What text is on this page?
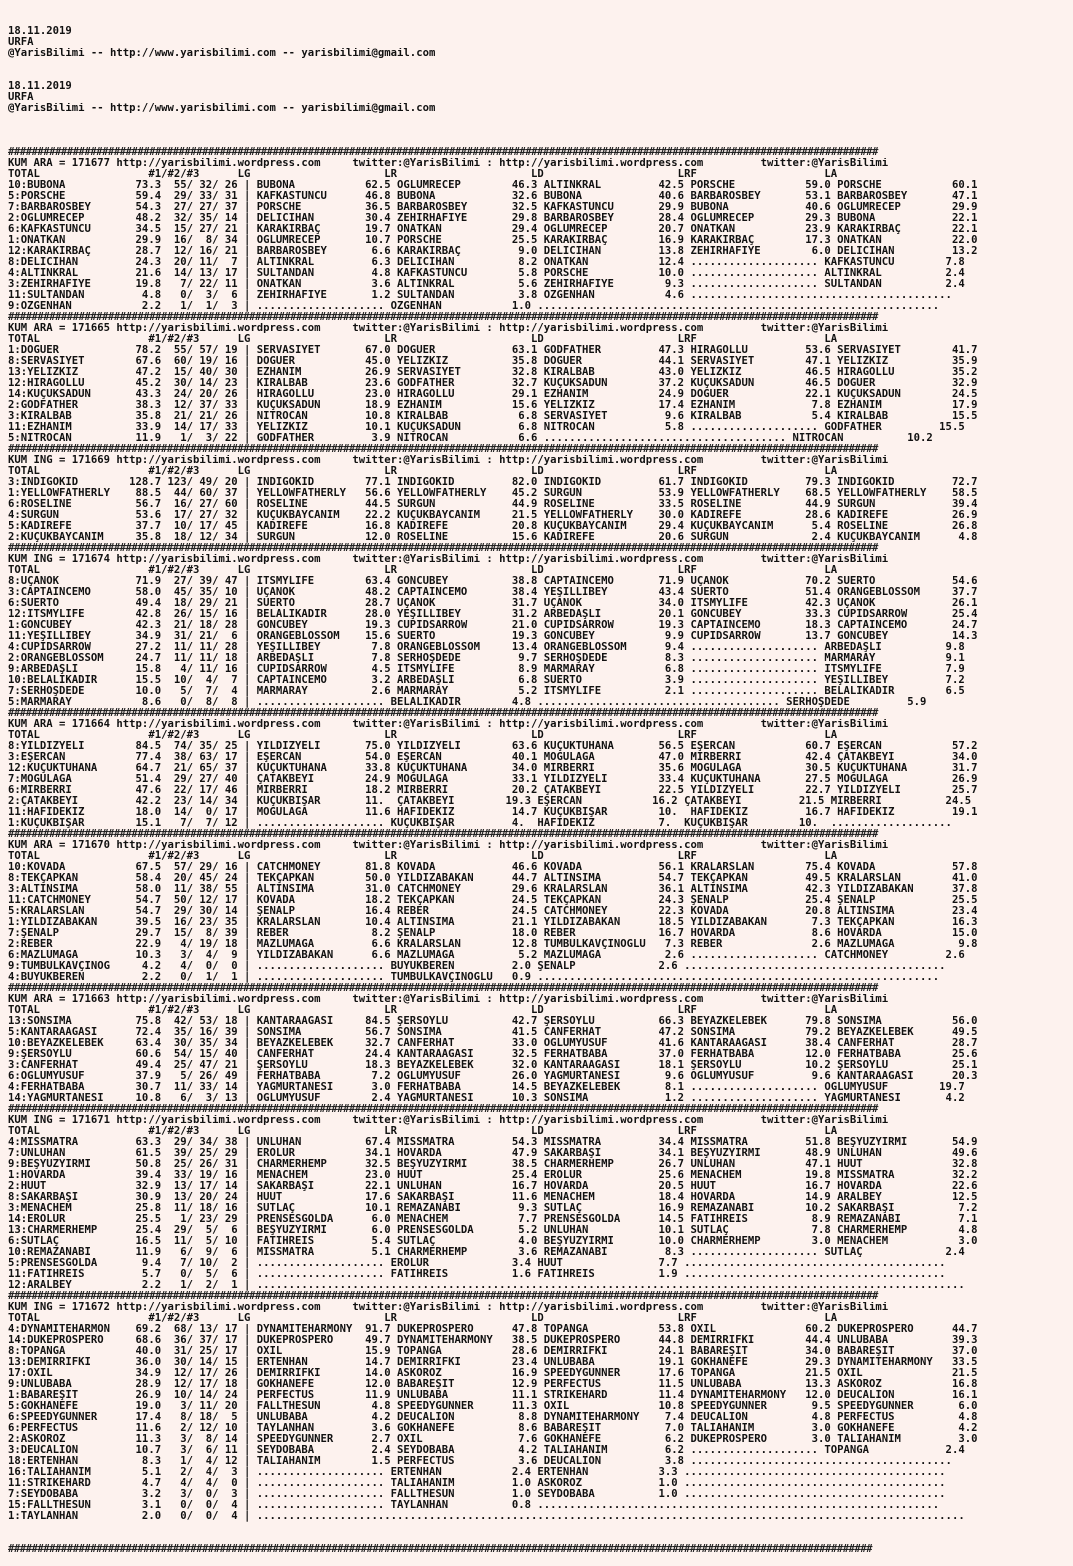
18.11.2019
URFA
@YarisBilimi -- http://www.yarisbilimi.com -- yarisbilimi@gmail.com
18.11.2019
URFA
@YarisBilimi -- http://www.yarisbilimi.com -- yarisbilimi@gmail.com

####################################################################################################################################################
KUM ARA = 171677 http://yarisbilimi.wordpress.com     twitter:@YarisBilimi : http://yarisbilimi.wordpress.com         twitter:@YarisBilimi
TOTAL                 #1/#2/#3      LG                     LR                     LD                     LRF                    LA
10:BUBONA           73.3  55/ 32/ 26 | BUBONA           62.5 OGLUMRECEP        46.3 ALTINKRAL         42.5 PORSCHE           59.0 PORSCHE           60.1
5:PORSCHE           59.4  29/ 33/ 31 | KAFKASTUNCU      46.8 BUBONA            32.6 BUBONA            40.6 BARBAROSBEY       53.1 BARBAROSBEY       47.1
7:BARBAROSBEY       54.3  27/ 27/ 37 | PORSCHE          36.5 BARBAROSBEY       32.5 KAFKASTUNCU       29.9 BUBONA            40.6 OGLUMRECEP        29.9
2:OGLUMRECEP        48.2  32/ 35/ 14 | DELICIHAN        30.4 ZEHIRHAFIYE       29.8 BARBAROSBEY       28.4 OGLUMRECEP        29.3 BUBONA            22.1
6:KAFKASTUNCU       34.5  15/ 27/ 21 | KARAKIRBAÇ       19.7 ONATKAN           29.4 OGLUMRECEP        20.7 ONATKAN           23.9 KARAKIRBAÇ        22.1
1:ONATKAN           29.9  16/  8/ 34 | OGLUMRECEP       10.7 PORSCHE           25.5 KARAKIRBAÇ        16.9 KARAKIRBAÇ        17.3 ONATKAN           22.0
12:KARAKIRBAÇ       28.7  12/ 16/ 21 | BARBAROSBEY       6.6 KARAKIRBAÇ         9.0 DELICIHAN         13.8 ZEHIRHAFIYE        6.0 DELICIHAN         13.2
8:DELICIHAN         24.3  20/ 11/  7 | ALTINKRAL         6.3 DELICIHAN          8.2 ONATKAN           12.4 .................... KAFKASTUNCU        7.8
4:ALTINKRAL         21.6  14/ 13/ 17 | SULTANDAN         4.8 KAFKASTUNCU        5.8 PORSCHE           10.0 .................... ALTINKRAL          2.4
3:ZEHIRHAFIYE       19.8   7/ 22/ 11 | ONATKAN           3.6 ALTINKRAL          5.6 ZEHIRHAFIYE        9.3 .................... SULTANDAN          2.4
11:SULTANDAN         4.8   0/  3/  6 | ZEHIRHAFIYE       1.2 SULTANDAN          3.8 OZGENHAN           4.6 .........................................
9:OZGENHAN           2.2   1/  1/  3 | .................... OZGENHAN           1.0 ...............................................................
####################################################################################################################################################
KUM ARA = 171665 http://yarisbilimi.wordpress.com     twitter:@YarisBilimi : http://yarisbilimi.wordpress.com         twitter:@YarisBilimi
TOTAL                 #1/#2/#3      LG                     LR                     LD                     LRF                    LA
1:DOGUER            78.2  55/ 57/ 19 | SERVASIYET       67.0 DOGUER            63.1 GODFATHER         47.3 HIRAGÖLLÜ         53.6 SERVASIYET        41.7
8:SERVASIYET        67.6  60/ 19/ 16 | DOGUER           45.0 YELIZKIZ          35.8 DOGUER            44.1 SERVASIYET        47.1 YELIZKIZ          35.9
13:YELIZKIZ         47.2  15/ 40/ 30 | EZHANIM          26.9 SERVASIYET        32.8 KIRALBAB          43.0 YELIZKIZ          46.5 HIRAGÖLLÜ         35.2
12:HIRAGÖLLÜ        45.2  30/ 14/ 23 | KIRALBAB         23.6 GODFATHER         32.7 KUÇUKSADUN        37.2 KUÇUKSADUN        46.5 DOGUER            32.9
14:KUÇUKSADUN       43.3  24/ 20/ 26 | HIRAGÖLLÜ        23.0 HIRAGÖLLÜ         29.1 EZHANIM           24.9 DOGUER            22.1 KUÇUKSADUN        24.5
2:GODFATHER         38.3  12/ 37/ 33 | KUÇUKSADUN       18.9 EZHANIM           15.6 YELIZKIZ          17.4 EZHANIM            7.8 EZHANIM           17.9
3:KIRALBAB          35.8  21/ 21/ 26 | NITROCAN         10.8 KIRALBAB           6.8 SERVASIYET         9.6 KIRALBAB           5.4 KIRALBAB          15.5
11:EZHANIM          33.9  14/ 17/ 33 | YELIZKIZ         10.1 KUÇUKSADUN         6.8 NITROCAN           5.8 .................... GODFATHER         15.5
5:NITROCAN          11.9   1/  3/ 22 | GODFATHER         3.9 NITROCAN           6.6 ...................................... NITROCAN          10.2
####################################################################################################################################################
KUM ING = 171669 http://yarisbilimi.wordpress.com     twitter:@YarisBilimi : http://yarisbilimi.wordpress.com         twitter:@YarisBilimi
TOTAL                 #1/#2/#3      LG                     LR                     LD                     LRF                    LA
3:INDIGOKID        128.7 123/ 49/ 20 | INDIGOKID        77.1 INDIGOKID         82.0 INDIGOKID         61.7 INDIGOKID         79.3 INDIGOKID         72.7
1:YELLOWFATHERLY    88.5  44/ 60/ 37 | YELLOWFATHERLY   56.6 YELLOWFATHERLY    45.2 SURGUN            53.9 YELLOWFATHERLY    68.5 YELLOWFATHERLY    58.5
6:ROSELINE          56.7  16/ 27/ 60 | ROSELINE         44.5 SURGUN            44.9 ROSELINE          33.5 ROSELINE          44.9 SURGUN            39.4
4:SURGUN            53.6  17/ 27/ 32 | KUÇUKBAYCANIM    22.2 KUÇUKBAYCANIM     21.5 YELLOWFATHERLY    30.0 KADIREFE          28.6 KADIREFE          26.9
5:KADIREFE          37.7  10/ 17/ 45 | KADIREFE         16.8 KADIREFE          20.8 KUÇUKBAYCANIM     29.4 KUÇUKBAYCANIM      5.4 ROSELINE          26.8
2:KUÇUKBAYCANIM     35.8  18/ 12/ 34 | SURGUN           12.0 ROSELINE          15.6 KADIREFE          20.6 SURGUN             2.4 KUÇUKBAYCANIM      4.8
####################################################################################################################################################
KUM ING = 171674 http://yarisbilimi.wordpress.com     twitter:@YarisBilimi : http://yarisbilimi.wordpress.com         twitter:@YarisBilimi
TOTAL                 #1/#2/#3      LG                     LR                     LD                     LRF                    LA
8:UÇANOK            71.9  27/ 39/ 47 | ITSMYLIFE        63.4 GONCUBEY          38.8 CAPTAINCEMO       71.9 UÇANOK            70.2 SUERTO            54.6
3:CAPTAINCEMO       58.0  45/ 35/ 10 | UÇANOK           48.2 CAPTAINCEMO       38.4 YEŞILLIBEY        43.4 SUERTO            51.4 ORANGEBLOSSOM     37.7
6:SUERTO            49.4  18/ 29/ 21 | SUERTO           28.7 UÇANOK            31.7 UÇANOK            34.0 ITSMYLIFE         42.3 UÇANOK            26.1
12:ITSMYLIFE        42.8  26/ 15/ 16 | BELALIKADIR      28.0 YEŞILLIBEY        31.2 ARBEDAŞLI         20.1 GONCUBEY          33.3 CUPIDSARROW       25.4
1:GONCUBEY          42.3  21/ 18/ 28 | GONCUBEY         19.3 CUPIDSARROW       21.0 CUPIDSARROW       19.3 CAPTAINCEMO       18.3 CAPTAINCEMO       24.7
11:YEŞILLIBEY       34.9  31/ 21/  6 | ORANGEBLOSSOM    15.6 SUERTO            19.3 GONCUBEY           9.9 CUPIDSARROW       13.7 GONCUBEY          14.3
4:CUPIDSARROW       27.2  11/ 11/ 28 | YEŞILLIBEY        7.8 ORANGEBLOSSOM     13.4 ORANGEBLOSSOM      9.4 .................... ARBEDAŞLI          9.8
2:ORANGEBLOSSOM     24.7  11/ 11/ 18 | ARBEDAŞLI         7.8 SERHOŞDEDE         9.7 SERHOŞDEDE         8.3 .................... MARMARAY           9.1
9:ARBEDAŞLI         15.8   4/ 11/ 16 | CUPIDSARROW       4.5 ITSMYLIFE          8.9 MARMARAY           6.8 .................... ITSMYLIFE          7.9
10:BELALIKADIR      15.5  10/  4/  7 | CAPTAINCEMO       3.2 ARBEDAŞLI          6.8 SUERTO             3.9 .................... YEŞILLIBEY         7.2
7:SERHOŞDEDE        10.0   5/  7/  4 | MARMARAY          2.6 MARMARAY           5.2 ITSMYLIFE          2.1 .................... BELALIKADIR        6.5
5:MARMARAY           8.6   0/  8/  8 | .................... BELALIKADIR        4.8 ...................................... SERHOŞDEDE         5.9
####################################################################################################################################################
KUM ARA = 171664 http://yarisbilimi.wordpress.com     twitter:@YarisBilimi : http://yarisbilimi.wordpress.com         twitter:@YarisBilimi
TOTAL                 #1/#2/#3      LG                     LR                     LD                     LRF                    LA
8:YILDIZYELI        84.5  74/ 35/ 25 | YILDIZYELI       75.0 YILDIZYELI        63.6 KUÇUKTUHANA       56.5 EŞERCAN           60.7 EŞERCAN           57.2
3:EŞERCAN           77.4  38/ 63/ 17 | EŞERCAN          54.0 EŞERCAN           40.1 MOĞULAGA          47.0 MIRBERRI          42.4 ÇATAKBEYI         34.0
12:KUÇUKTUHANA      64.7  21/ 65/ 37 | KUÇUKTUHANA      33.8 KUÇUKTUHANA       34.0 MIRBERRI          35.6 MOĞULAGA          30.5 KUÇUKTUHANA       31.7
7:MOĞULAGA          51.4  29/ 27/ 40 | ÇATAKBEYI        24.9 MOĞULAGA          33.1 YILDIZYELI        33.4 KUÇUKTUHANA       27.5 MOĞULAGA          26.9
6:MIRBERRI          47.6  22/ 17/ 46 | MIRBERRI         18.2 MIRBERRI          20.2 ÇATAKBEYI         22.5 YILDIZYELI        22.7 YILDIZYELI        25.7
2:ÇATAKBEYI         42.2  23/ 14/ 34 | KUÇUKBIŞAR       11.  ÇATAKBEYI        19.3 EŞERCAN           16.2 ÇATAKBEYI         21.5 MIRBERRI          24.5
11:HAFIDEKIZ        18.0  14/  0/ 17 | MOĞULAGA         11.6 HAFIDEKIZ         14.7 KUÇUKBIŞAR        10.  HAFIDEKIZ         16.7 HAFIDEKIZ         19.1
1:KUÇUKBIŞAR        15.1   7/  7/ 12 | .................... KUÇUKBIŞAR         4.  HAFIDEKIZ          7.  KUÇUKBIŞAR        10.  ...................
####################################################################################################################################################
KUM ARA = 171670 http://yarisbilimi.wordpress.com     twitter:@YarisBilimi : http://yarisbilimi.wordpress.com         twitter:@YarisBilimi
TOTAL                 #1/#2/#3      LG                     LR                     LD                     LRF                    LA
10:KOVADA           67.5  57/ 29/ 16 | CATCHMONEY       81.8 KOVADA            46.6 KOVADA            56.1 KRALARSLAN        75.4 KOVADA            57.8
8:TEKÇAPKAN         58.4  20/ 45/ 24 | TEKÇAPKAN        50.0 YILDIZABAKAN      44.7 ALTINSIMA         54.7 TEKÇAPKAN         49.5 KRALARSLAN        41.0
3:ALTINSIMA         58.0  11/ 38/ 55 | ALTINSIMA        31.0 CATCHMONEY        29.6 KRALARSLAN        36.1 ALTINSIMA         42.3 YILDIZABAKAN      37.8
11:CATCHMONEY       54.7  50/ 12/ 17 | KOVADA           18.2 TEKÇAPKAN         24.5 TEKÇAPKAN         24.3 ŞENALP            25.4 ŞENALP            25.5
5:KRALARSLAN        54.7  29/ 30/ 14 | ŞENALP           16.4 REBER             24.5 CATCHMONEY        22.3 KOVADA            20.8 ALTINSIMA         23.4
1:YILDIZABAKAN      39.5  16/ 23/ 35 | KRALARSLAN       10.4 ALTINSIMA         21.1 YILDIZABAKAN      18.5 YILDIZABAKAN       7.3 TEKÇAPKAN         16.3
7:ŞENALP            29.7  15/  8/ 39 | REBER             8.2 ŞENALP            18.0 REBER             16.7 HOVARDA            8.6 HOVARDA           15.0
2:REBER             22.9   4/ 19/ 18 | MAZLUMAĞA         6.6 KRALARSLAN        12.8 TUMBULKAVÇINOĞLU   7.3 REBER              2.6 MAZLUMAĞA          9.8
6:MAZLUMAĞA         10.3   3/  4/  9 | YILDIZABAKAN      6.6 MAZLUMAĞA          5.2 MAZLUMAĞA          2.6 .................... CATCHMONEY         2.6
9:TUMBULKAVÇINOĞ     4.2   4/  0/  0 | .................... BUYUKBEREN         2.0 ŞENALP             2.6 .........................................
4:BUYUKBEREN         2.2   0/  1/  1 | .................... TUMBULKAVÇINOĞLU   0.9 ...............................................................
####################################################################################################################################################
KUM ARA = 171663 http://yarisbilimi.wordpress.com     twitter:@YarisBilimi : http://yarisbilimi.wordpress.com         twitter:@YarisBilimi
TOTAL                 #1/#2/#3      LG                     LR                     LD                     LRF                    LA
13:SONSIMA          75.8  42/ 53/ 18 | KANTARAAĞASI     84.5 ŞERSOYLU          42.7 ŞERSOYLU          66.3 BEYAZKELEBEK      79.8 SONSIMA           56.0
5:KANTARAAĞASI      72.4  35/ 16/ 39 | SONSIMA          56.7 SONSIMA           41.5 CANFERHAT         47.2 SONSIMA           79.2 BEYAZKELEBEK      49.5
10:BEYAZKELEBEK     63.4  30/ 35/ 34 | BEYAZKELEBEK     32.7 CANFERHAT         33.0 OGLUMYUSUF        41.6 KANTARAAĞASI      38.4 CANFERHAT         28.7
9:ŞERSOYLU          60.6  54/ 15/ 40 | CANFERHAT        24.4 KANTARAAĞASI      32.5 FERHATBABA        37.0 FERHATBABA        12.0 FERHATBABA        25.6
3:CANFERHAT         49.4  25/ 47/ 21 | ŞERSOYLU         18.3 BEYAZKELEBEK      32.0 KANTARAAĞASI      18.1 ŞERSOYLU          10.2 ŞERSOYLU          25.1
6:OGLUMYUSUF        37.9   5/ 26/ 49 | FERHATBABA        7.2 OGLUMYUSUF        26.0 YAGMURTANESI       9.6 OGLUMYUSUF         9.6 KANTARAAĞASI      20.3
4:FERHATBABA        30.7  11/ 33/ 14 | YAGMURTANESI      3.0 FERHATBABA        14.5 BEYAZKELEBEK       8.1 .................... OGLUMYUSUF        19.7
14:YAGMURTANESI     10.8   6/  3/ 13 | OGLUMYUSUF        2.4 YAGMURTANESI      10.3 SONSIMA            1.2 .................... YAGMURTANESI       4.2
####################################################################################################################################################
KUM ING = 171671 http://yarisbilimi.wordpress.com     twitter:@YarisBilimi : http://yarisbilimi.wordpress.com         twitter:@YarisBilimi
TOTAL                 #1/#2/#3      LG                     LR                     LD                     LRF                    LA
4:MISSMATRA         63.3  29/ 34/ 38 | UNLUHAN          67.4 MISSMATRA         54.3 MISSMATRA         34.4 MISSMATRA         51.8 BEŞYÜZYIRMI       54.9
7:UNLUHAN           61.5  39/ 25/ 29 | EROLUR           34.1 HOVARDA           47.9 SAKARBAŞI         34.1 BEŞYÜZYIRMI       48.9 UNLUHAN           49.6
9:BEŞYÜZYIRMI       50.8  25/ 26/ 31 | CHARMERHEMP      32.5 BEŞYÜZYIRMI       38.5 CHARMERHEMP       26.7 UNLUHAN           47.1 HUUT              32.8
1:HOVARDA           39.4  33/ 19/ 16 | MENACHEM         23.0 HUUT              25.4 EROLUR            25.6 MENACHEM          19.8 MISSMATRA         32.2
2:HUUT              32.9  13/ 17/ 14 | SAKARBAŞI        22.1 UNLUHAN           16.7 HOVARDA           20.5 HUUT              16.7 HOVARDA           22.6
8:SAKARBAŞI         30.9  13/ 20/ 24 | HUUT             17.6 SAKARBAŞI         11.6 MENACHEM          18.4 HOVARDA           14.9 ARALBEY           12.5
3:MENACHEM          25.8  11/ 18/ 16 | SUTLAÇ           10.1 REMAZANABI         9.3 SUTLAÇ            16.9 REMAZANABI        10.2 SAKARBAŞI          7.2
14:EROLUR           25.5   1/ 23/ 29 | PRENSESGOLDA      6.0 MENACHEM           7.7 PRENSESGOLDA      14.5 FATIHREIS          8.9 REMAZANABI         7.1
13:CHARMERHEMP      25.4  29/  5/  6 | BEŞYÜZYIRMI       6.0 PRENSESGOLDA       5.2 UNLUHAN           10.1 SUTLAÇ             7.8 CHARMERHEMP        4.8
6:SUTLAÇ            16.5  11/  5/ 10 | FATIHREIS         5.4 SUTLAÇ             4.0 BEŞYÜZYIRMI       10.0 CHARMERHEMP        3.0 MENACHEM           3.0
10:REMAZANABI       11.9   6/  9/  6 | MISSMATRA         5.1 CHARMERHEMP        3.6 REMAZANABI         8.3 .................... SUTLAÇ             2.4
5:PRENSESGOLDA       9.4   7/ 10/  2 | .................... EROLUR             3.4 HUUT               7.7 .........................................
11:FATIHREIS         5.7   0/  5/  6 | .................... FATIHREIS          1.6 FATIHREIS          1.9 .........................................
12:ARALBEY           2.2   1/  2/  1 | ...............................................................................................................
####################################################################################################################################################
KUM ING = 171672 http://yarisbilimi.wordpress.com     twitter:@YarisBilimi : http://yarisbilimi.wordpress.com         twitter:@YarisBilimi
TOTAL                 #1/#2/#3      LG                     LR                     LD                     LRF                    LA
4:DYNAMITEHARMON    69.2  68/ 13/ 17 | DYNAMITEHARMONY  91.7 DUKEPROSPERO      47.8 TOPANGA           53.8 OXIL              60.2 DUKEPROSPERO      44.7
14:DUKEPROSPERO     68.6  36/ 37/ 17 | DUKEPROSPERO     49.7 DYNAMITEHARMONY   38.5 DUKEPROSPERO      44.8 DEMIRRIFKI        44.4 UNLUBABA          39.3
8:TOPANGA           40.0  31/ 25/ 17 | OXIL             15.9 TOPANGA           28.6 DEMIRRIFKI        24.1 BABAREŞIT         34.0 BABAREŞIT         37.0
13:DEMIRRIFKI       36.0  30/ 14/ 15 | ERTENHAN         14.7 DEMIRRIFKI        23.4 UNLUBABA          19.1 GOKHANEFE         29.3 DYNAMITEHARMONY   33.5
17:OXIL             34.9  12/ 17/ 26 | DEMIRRIFKI       14.0 ASKOROZ           16.9 SPEEDYGUNNER      17.6 TOPANGA           21.5 OXIL              21.5
9:UNLUBABA          28.9  12/ 17/ 18 | GOKHANEFE        12.0 BABAREŞIT         12.9 PERFECTUS         11.5 UNLUBABA          13.3 ASKOROZ           16.8
1:BABAREŞIT         26.9  10/ 14/ 24 | PERFECTUS        11.9 UNLUBABA          11.1 STRIKEHARD        11.4 DYNAMITEHARMONY   12.0 DEUCALION         16.1
5:GOKHANEFE         19.0   3/ 11/ 20 | FALLTHESUN        4.8 SPEEDYGUNNER      11.3 OXIL              10.8 SPEEDYGUNNER       9.5 SPEEDYGUNNER       6.0
6:SPEEDYGUNNER      17.4   8/ 18/  5 | UNLUBABA          4.2 DEUCALION          8.8 DYNAMITEHARMONY    7.4 DEUCALION          4.8 PERFECTUS          4.8
6:PERFECTUS         11.6   2/ 12/ 10 | TAYLANHAN         3.6 GOKHANEFE          8.6 BABAREŞIT          7.0 TALIAHANIM         3.0 GOKHANEFE          4.2
2:ASKOROZ           11.3   3/  8/ 14 | SPEEDYGUNNER      2.7 OXIL               7.6 GOKHANEFE          6.2 DUKEPROSPERO       3.0 TALIAHANIM         3.0
3:DEUCALION         10.7   3/  6/ 11 | SEYDOBABA         2.4 SEYDOBABA          4.2 TALIAHANIM         6.2 .................... TOPANGA            2.4
18:ERTENHAN          8.3   1/  4/ 12 | TALIAHANIM        1.5 PERFECTUS          3.6 DEUCALION          3.8 .........................................
16:TALIAHANIM        5.1   2/  4/  3 | .................... ERTENHAN           2.4 ERTENHAN           3.3 .........................................
11:STRIKEHARD        4.7   4/  4/  0 | .................... TALIAHANIM         1.0 ASKOROZ            1.0 .........................................
7:SEYDOBABA          3.2   3/  0/  3 | .................... FALLTHESUN         1.0 SEYDOBABA          1.0 .........................................
15:FALLTHESUN        3.1   0/  0/  4 | .................... TAYLANHAN          0.8 ...............................................................
1:TAYLANHAN          2.0   0/  0/  4 | ...............................................................................................................

###################################################################################################################################################
